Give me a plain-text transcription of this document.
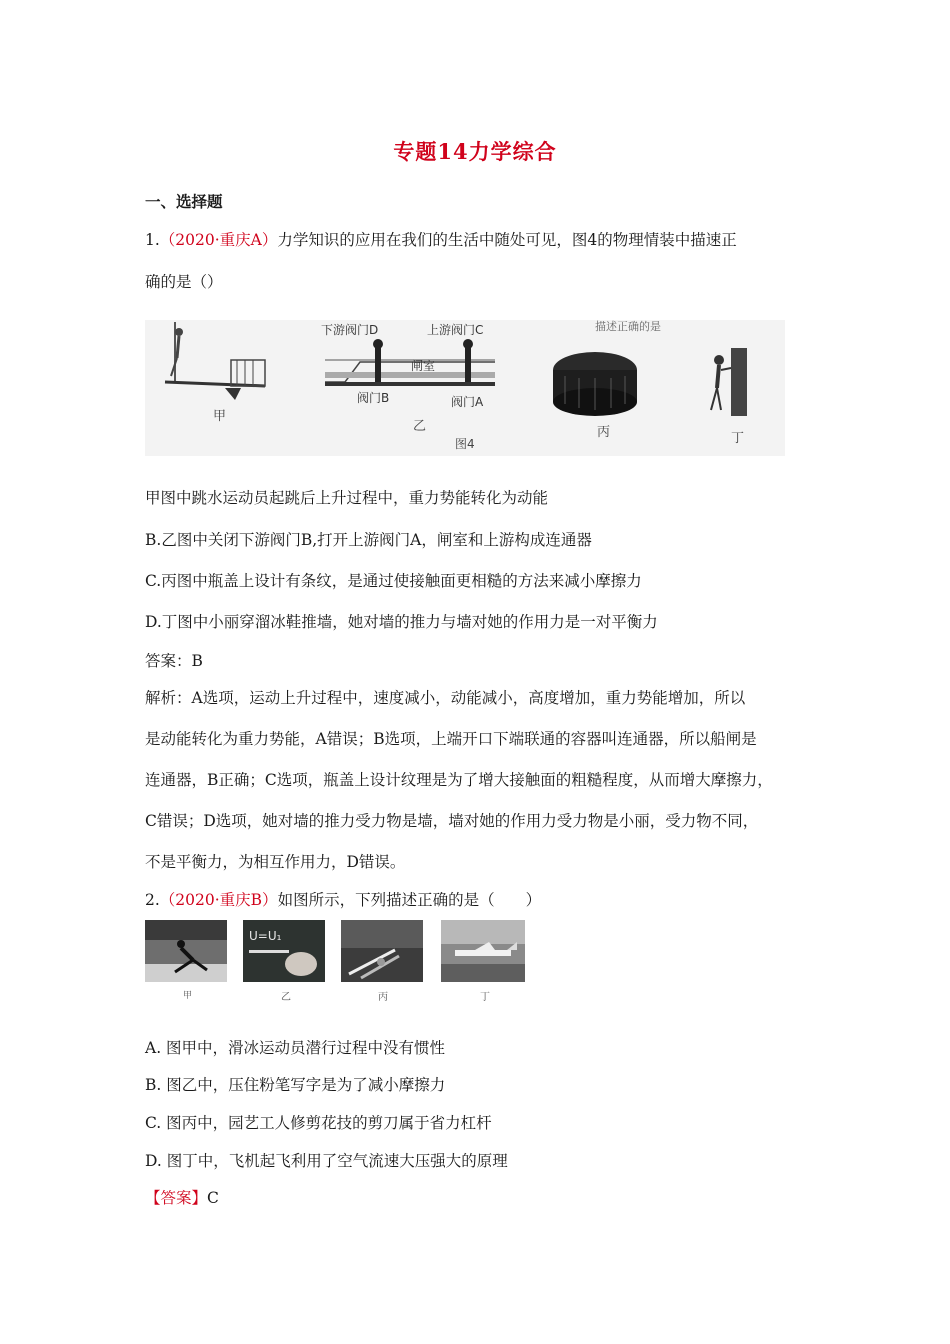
专题14力学综合
一、选择题
1.（2020·重庆A）力学知识的应用在我们的生活中随处可见，图4的物理情装中描速正
确的是（）
甲
下游阀门D	上游阀门C
闸室
阀门B	阀门A
乙
图4
丙	丁
描述正确的是
甲图中跳水运动员起跳后上升过程中，重力势能转化为动能
B.乙图中关闭下游阀门B,打开上游阀门A，闸室和上游构成连通器
C.丙图中瓶盖上设计有条纹，是通过使接触面更相糙的方法来减小摩擦力
D.丁图中小丽穿溜冰鞋推墙，她对墙的推力与墙对她的作用力是一对平衡力
答案：B
解析：A选项，运动上升过程中，速度减小，动能减小，高度增加，重力势能增加，所以
是动能转化为重力势能，A错误；B选项，上端开口下端联通的容器叫连通器，所以船闸是
连通器，B正确；C选项，瓶盖上设计纹理是为了增大接触面的粗糙程度，从而增大摩擦力，
C错误；D选项，她对墙的推力受力物是墙，墙对她的作用力受力物是小丽，受力物不同，
不是平衡力，为相互作用力，D错误。
2.（2020·重庆B）如图所示，下列描述正确的是（　　）
U=U₁
甲	乙	丙	丁
A. 图甲中，滑冰运动员潜行过程中没有惯性
B. 图乙中，压住粉笔写字是为了减小摩擦力
C. 图丙中，园艺工人修剪花技的剪刀属于省力杠杆
D. 图丁中，飞机起飞利用了空气流速大压强大的原理
【答案】C
